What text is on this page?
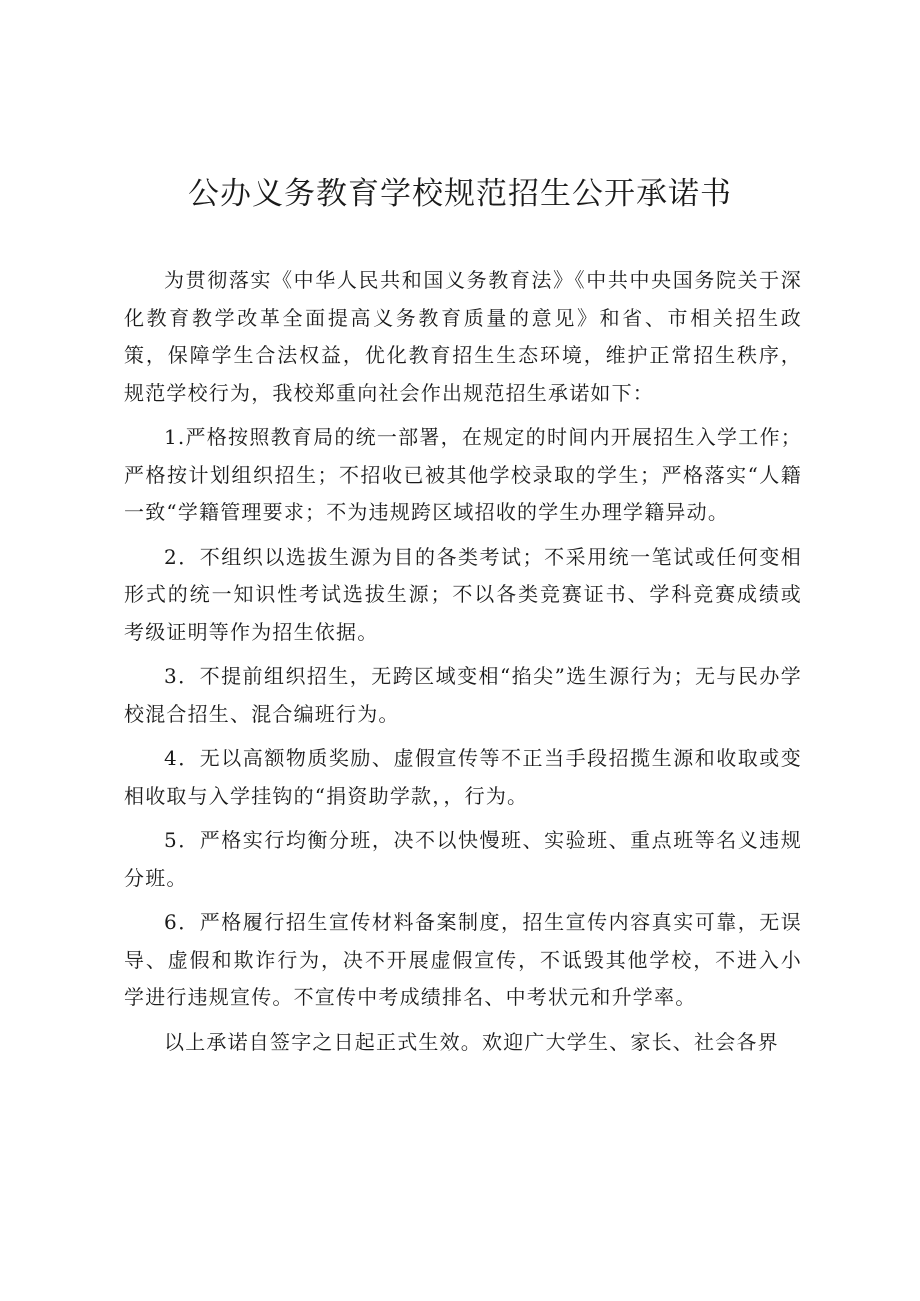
公办义务教育学校规范招生公开承诺书

为贯彻落实《中华人民共和国义务教育法》《中共中央国务院关于深化教育教学改革全面提高义务教育质量的意见》和省、市相关招生政策，保障学生合法权益，优化教育招生生态环境，维护正常招生秩序，规范学校行为，我校郑重向社会作出规范招生承诺如下：

1.严格按照教育局的统一部署，在规定的时间内开展招生入学工作；严格按计划组织招生；不招收已被其他学校录取的学生；严格落实“人籍一致“学籍管理要求；不为违规跨区域招收的学生办理学籍异动。

2．不组织以选拔生源为目的各类考试；不采用统一笔试或任何变相形式的统一知识性考试选拔生源；不以各类竞赛证书、学科竞赛成绩或考级证明等作为招生依据。

3．不提前组织招生，无跨区域变相“掐尖”选生源行为；无与民办学校混合招生、混合编班行为。

4．无以高额物质奖励、虚假宣传等不正当手段招揽生源和收取或变相收取与入学挂钩的“捐资助学款，，行为。

5．严格实行均衡分班，决不以快慢班、实验班、重点班等名义违规分班。

6．严格履行招生宣传材料备案制度，招生宣传内容真实可靠，无误导、虚假和欺诈行为，决不开展虚假宣传，不诋毁其他学校，不进入小学进行违规宣传。不宣传中考成绩排名、中考状元和升学率。

以上承诺自签字之日起正式生效。欢迎广大学生、家长、社会各界
